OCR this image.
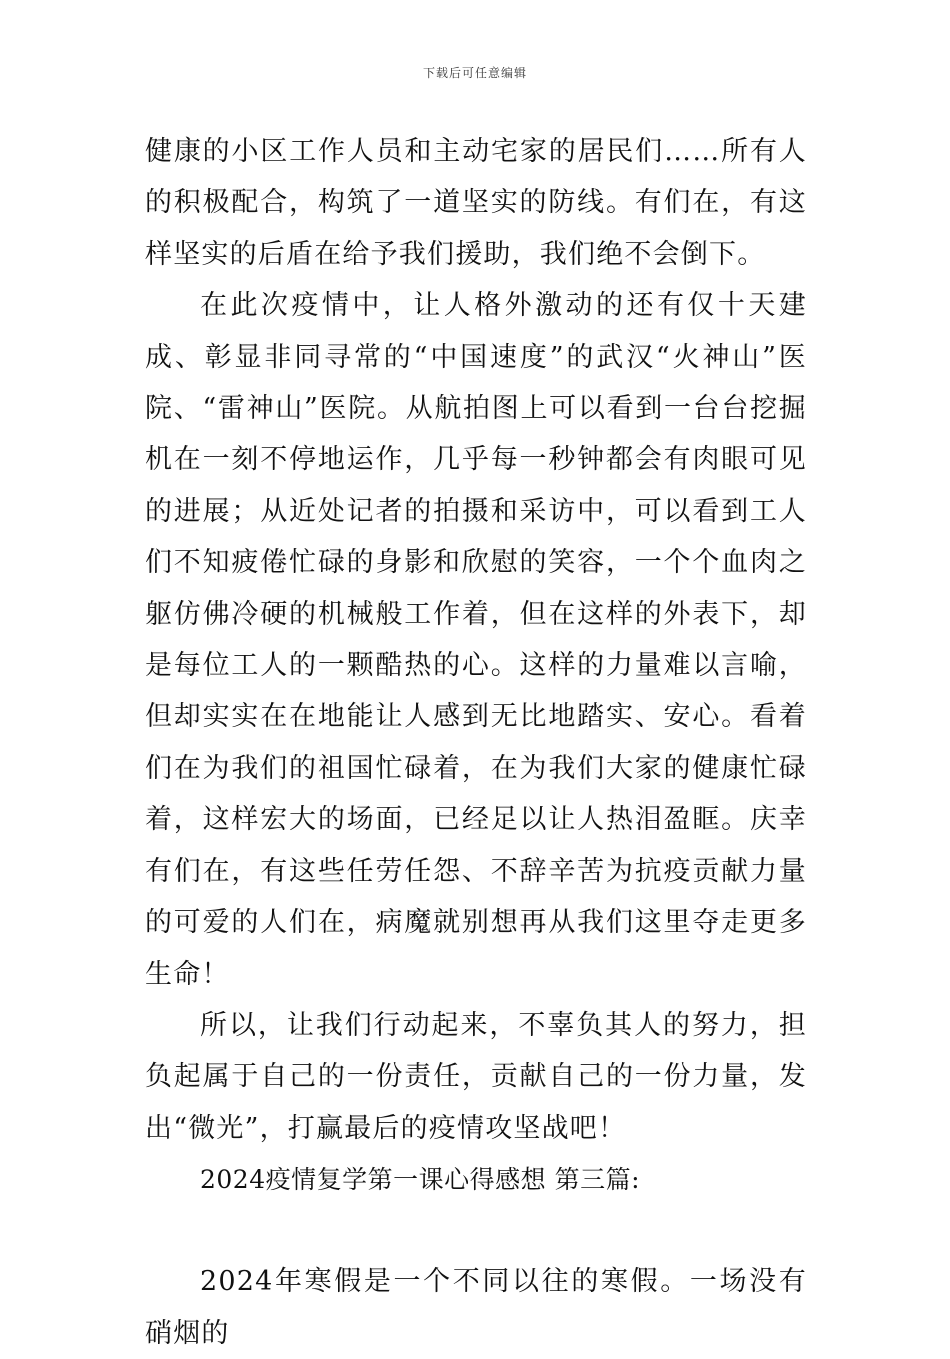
下载后可任意编辑

健康的小区工作人员和主动宅家的居民们……所有人的积极配合，构筑了一道坚实的防线。有们在，有这样坚实的后盾在给予我们援助，我们绝不会倒下。

在此次疫情中，让人格外激动的还有仅十天建成、彰显非同寻常的“中国速度”的武汉“火神山”医院、“雷神山”医院。从航拍图上可以看到一台台挖掘机在一刻不停地运作，几乎每一秒钟都会有肉眼可见的进展；从近处记者的拍摄和采访中，可以看到工人们不知疲倦忙碌的身影和欣慰的笑容，一个个血肉之躯仿佛冷硬的机械般工作着，但在这样的外表下，却是每位工人的一颗酷热的心。这样的力量难以言喻，但却实实在在地能让人感到无比地踏实、安心。看着们在为我们的祖国忙碌着，在为我们大家的健康忙碌着，这样宏大的场面，已经足以让人热泪盈眶。庆幸有们在，有这些任劳任怨、不辞辛苦为抗疫贡献力量的可爱的人们在，病魔就别想再从我们这里夺走更多生命！

所以，让我们行动起来，不辜负其人的努力，担负起属于自己的一份责任，贡献自己的一份力量，发出“微光”，打赢最后的疫情攻坚战吧！

2024疫情复学第一课心得感想 第三篇:

2024年寒假是一个不同以往的寒假。一场没有硝烟的
